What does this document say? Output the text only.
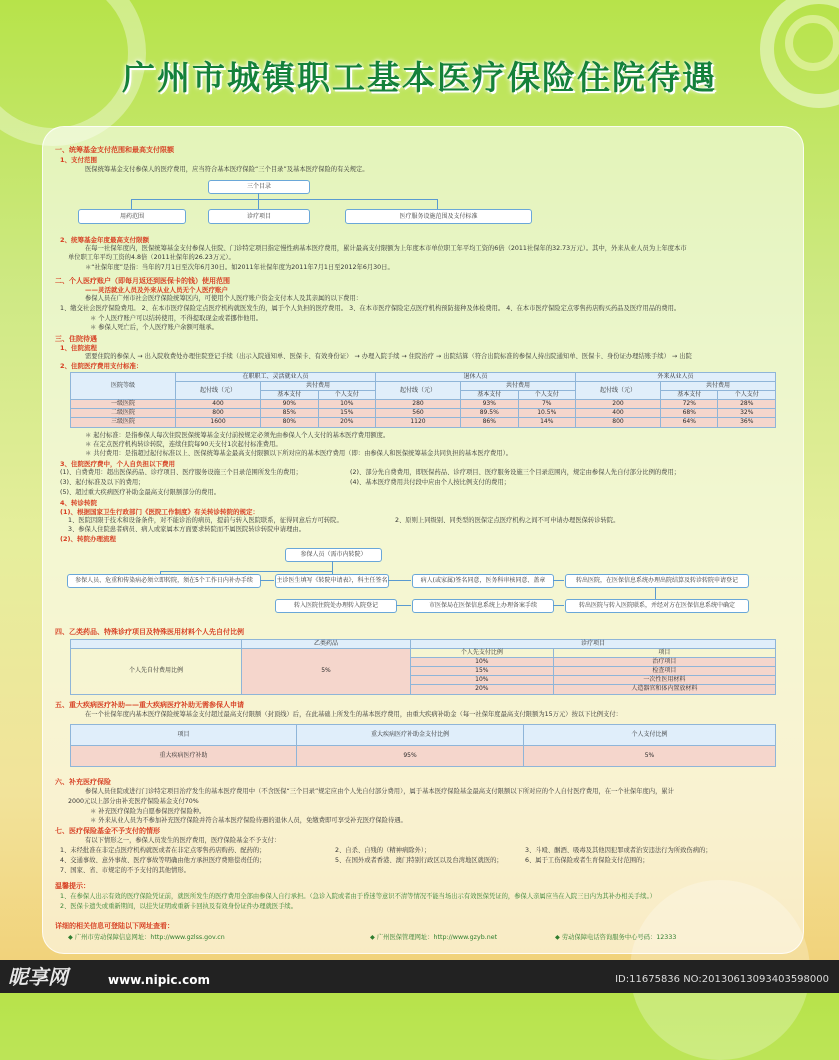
广州市城镇职工基本医疗保险住院待遇
一、统筹基金支付范围和最高支付限额
1、支付范围
医保统筹基金支付参保人的医疗费用，应当符合基本医疗保险“三个目录”及基本医疗保险的有关规定。
三个目录
用药范围	诊疗项目	医疗服务设施范围及支付标准
2、统筹基金年度最高支付限额
在每一社保年度内，医保统筹基金支付参保人住院、门诊特定项目指定慢性病基本医疗费用，累计最高支付限额为上年度本市单位职工年平均工资的6倍（2011社保年的32.73万元）。其中，外来从业人员为上年度本市
单位职工年平均工资的4.8倍（2011社保年的26.23万元）。
＊“社保年度”是指：当年的7月1日至次年6月30日。如2011年社保年度为2011年7月1日至2012年6月30日。
二、个人医疗账户（即每月返还到医保卡的钱）使用范围
——灵活就业人员及外来从业人员无个人医疗账户
参保人员在广州市社会医疗保险统筹区内，可使用个人医疗账户资金支付本人及其亲属的以下费用：
1、缴交社会医疗保险费用。 2、在本市医疗保险定点医疗机构就医发生的，属于个人负担的医疗费用。 3、在本市医疗保险定点医疗机构预防接种及体检费用。 4、在本市医疗保险定点零售药店购买药品及医疗用品的费用。
＊ 个人医疗账户可以结转使用，不得提取现金或者挪作他用。
＊ 参保人死亡后，个人医疗账户余额可继承。
三、住院待遇
1、住院流程
需要住院的参保人 → 出入院收费处办理住院登记手续（出示入院通知单、医保卡、有效身份证） → 办理入院手续 → 住院治疗 → 出院结算（符合出院标准的参保人持出院通知单、医保卡、身份证办理结账手续） → 出院
2、住院医疗费用支付标准：
医院等级	在职职工、灵活就业人员			退休人员			外来从业人员		
	起付线（元）	共付费用		起付线（元）	共付费用		起付线（元）	共付费用	
		基本支付	个人支付		基本支付	个人支付		基本支付	个人支付
一级医院	400	90%	10%	280	93%	7%	200	72%	28%
二级医院	800	85%	15%	560	89.5%	10.5%	400	68%	32%
三级医院	1600	80%	20%	1120	86%	14%	800	64%	36%
＊ 起付标准：是指参保人每次住院医保统筹基金支付前按规定必须先由参保人个人支付的基本医疗费用额度。
＊ 在定点医疗机构转诊转院，连续住院每90天支付1次起付标准费用。
＊ 共付费用：是指超过起付标准以上、医保统筹基金最高支付限额以下所对应的基本医疗费用（即：由参保人和医保统筹基金共同负担的基本医疗费用）。
3、住院医疗费中，个人自负担以下费用
(1)、自费费用：超出医保药品、诊疗项目、医疗服务设施三个目录范围所发生的费用；	(2)、部分先自费费用，即医保药品、诊疗项目、医疗服务设施三个目录范围内，规定由参保人先自付部分比例的费用；
(3)、起付标准及以下的费用；	(4)、基本医疗费用共付段中应由个人按比例支付的费用；
(5)、超过重大疾病医疗补助金最高支付限额部分的费用。
4、转诊转院
(1)、根据国家卫生行政部门《医院工作制度》有关转诊转院的规定：
1、医院因限于技术和设备条件，对不能诊治的病员，提前与转入医院联系，征得同意后方可转院。	2、原则上同级别、同类型的医保定点医疗机构之间不可申请办理医保转诊转院。
3、参保人住院患者病员、病人或家属本方面要求转院而不属医院转诊转院申请理由。
(2)、转院办理流程
参保人员（需市内转院）
参保人员、危重和传染病必须立即转院，须在5个工作日内补办手续	主诊医生填写《转院申请表》，科主任签名	病人(或家属)签名同意，医务科审核同意、盖章	转出医院，在医保信息系统办理出院结算及转诊转院申请登记
转入医院住院处办理转入院登记	市医保局在医保信息系统上办理备案手续	转出医院与转入医院联系，并经对方在医保信息系统中确定
四、乙类药品、特殊诊疗项目及特殊医用材料个人先自付比例
	乙类药品	诊疗项目	
个人先自付费用比例	5%	个人先支付比例	项目
		10%	治疗项目
		15%	检查项目
		10%	一次性医用材料
		20%	人造器官和体内置放材料
五、重大疾病医疗补助——重大疾病医疗补助无需参保人申请
在一个社保年度内基本医疗保险统筹基金支付超过最高支付限额（封顶线）后，在此基础上所发生的基本医疗费用，由重大疾病补助金（每一社保年度最高支付限额为15万元）按以下比例支付：
项目	重大疾病医疗补助金支付比例	个人支付比例
重大疾病医疗补助	95%	5%
六、补充医疗保险
参保人员住院或进行门诊特定项目治疗发生的基本医疗费用中（不含医保“三个目录”规定应由个人先自付部分费用），属于基本医疗保险基金最高支付限额以下所对应的个人自付医疗费用，在一个社保年度内，累计
2000元以上部分由补充医疗保险基金支付70%
＊ 补充医疗保险为自愿参保医疗保险种。
＊ 外来从业人员为不参加补充医疗保险并符合基本医疗保险待遇的退休人员，免缴费即可享受补充医疗保险待遇。
七、医疗保险基金不予支付的情形
有以下情形之一，参保人员发生的医疗费用，医疗保险基金不予支付：
1、未经批准在非定点医疗机构就医或者在非定点零售药店购药、配药的；	2、自杀、自残的（精神病除外）；	3、斗殴、酗酒、吸毒及其他因犯罪或者治安违法行为所致伤病的；
4、交通事故、意外事故、医疗事故等明确由他方承担医疗费赔偿责任的；	5、在国外或者香港、澳门特别行政区以及台湾地区就医的；	6、属于工伤保险或者生育保险支付范围的；
7、国家、省、市规定的不予支付的其他情形。
温馨提示：
1、在参保人出示有效的医疗保险凭证前，就医所发生的医疗费用全部由参保人自行承担。（急诊入院或者由于昏迷等意识不清等情况不能当场出示有效医保凭证的，参保人亲属应当在入院三日内为其补办相关手续。）
2、医保卡遗失或重新期间，以挂失证明或重新卡回执及有效身份证件办理就医手续。
详细的相关信息可登陆以下网址查看：
◆ 广州市劳动保障信息网址：http://www.gzlss.gov.cn	◆ 广州医保管理网址：http://www.gzyb.net	◆ 劳动保障电话咨询服务中心号码：12333
昵享网	www.nipic.com	ID:11675836 NO:20130613093403598000
